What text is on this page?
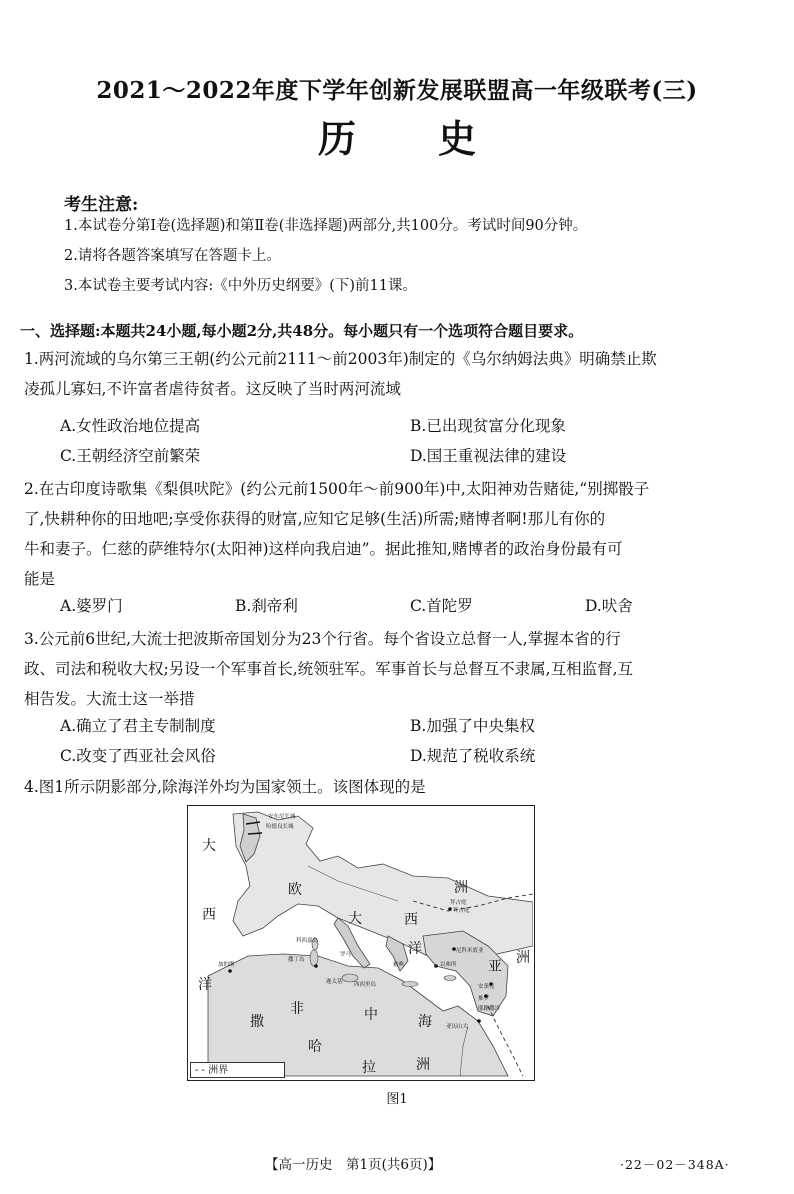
2021～2022年度下学年创新发展联盟高一年级联考(三)
历史
考生注意:
1.本试卷分第Ⅰ卷(选择题)和第Ⅱ卷(非选择题)两部分,共100分。考试时间90分钟。
2.请将各题答案填写在答题卡上。
3.本试卷主要考试内容:《中外历史纲要》(下)前11课。
一、选择题:本题共24小题,每小题2分,共48分。每小题只有一个选项符合题目要求。

1.两河流域的乌尔第三王朝(约公元前2111～前2003年)制定的《乌尔纳姆法典》明确禁止欺

凌孤儿寡妇,不许富者虐待贫者。这反映了当时两河流域

A.女性政治地位提高	B.已出现贫富分化现象
C.王朝经济空前繁荣	D.国王重视法律的建设

2.在古印度诗歌集《梨俱吠陀》(约公元前1500年～前900年)中,太阳神劝告赌徒,“别掷骰子

了,快耕种你的田地吧;享受你获得的财富,应知它足够(生活)所需;赌博者啊!那儿有你的

牛和妻子。仁慈的萨维特尔(太阳神)这样向我启迪”。据此推知,赌博者的政治身份最有可

能是

A.婆罗门	B.刹帝利	C.首陀罗	D.吠舍

3.公元前6世纪,大流士把波斯帝国划分为23个行省。每个省设立总督一人,掌握本省的行

政、司法和税收大权;另设一个军事首长,统领驻军。军事首长与总督互不隶属,互相监督,互

相告发。大流士这一举措

A.确立了君主专制制度	B.加强了中央集权
C.改变了西亚社会风俗	D.规范了税收系统

4.图1所示阴影部分,除海洋外均为国家领土。该图体现的是

大
西
洋
欧	洲
亚
洲
非	中	海
撒
哈
拉	洲
大	西
洋
安东尼长城
哈德良长城
拜占庭
迦太基 西西里岛
撒丁岛
以弗所
耶路撒冷
亚历山大
安条克
推罗
科西嘉岛
加的斯
拜占庭
尼科米底亚
雅典
罗马
- - 洲界
图1
【高一历史　第1页(共6页)】	·22－02－348A·
